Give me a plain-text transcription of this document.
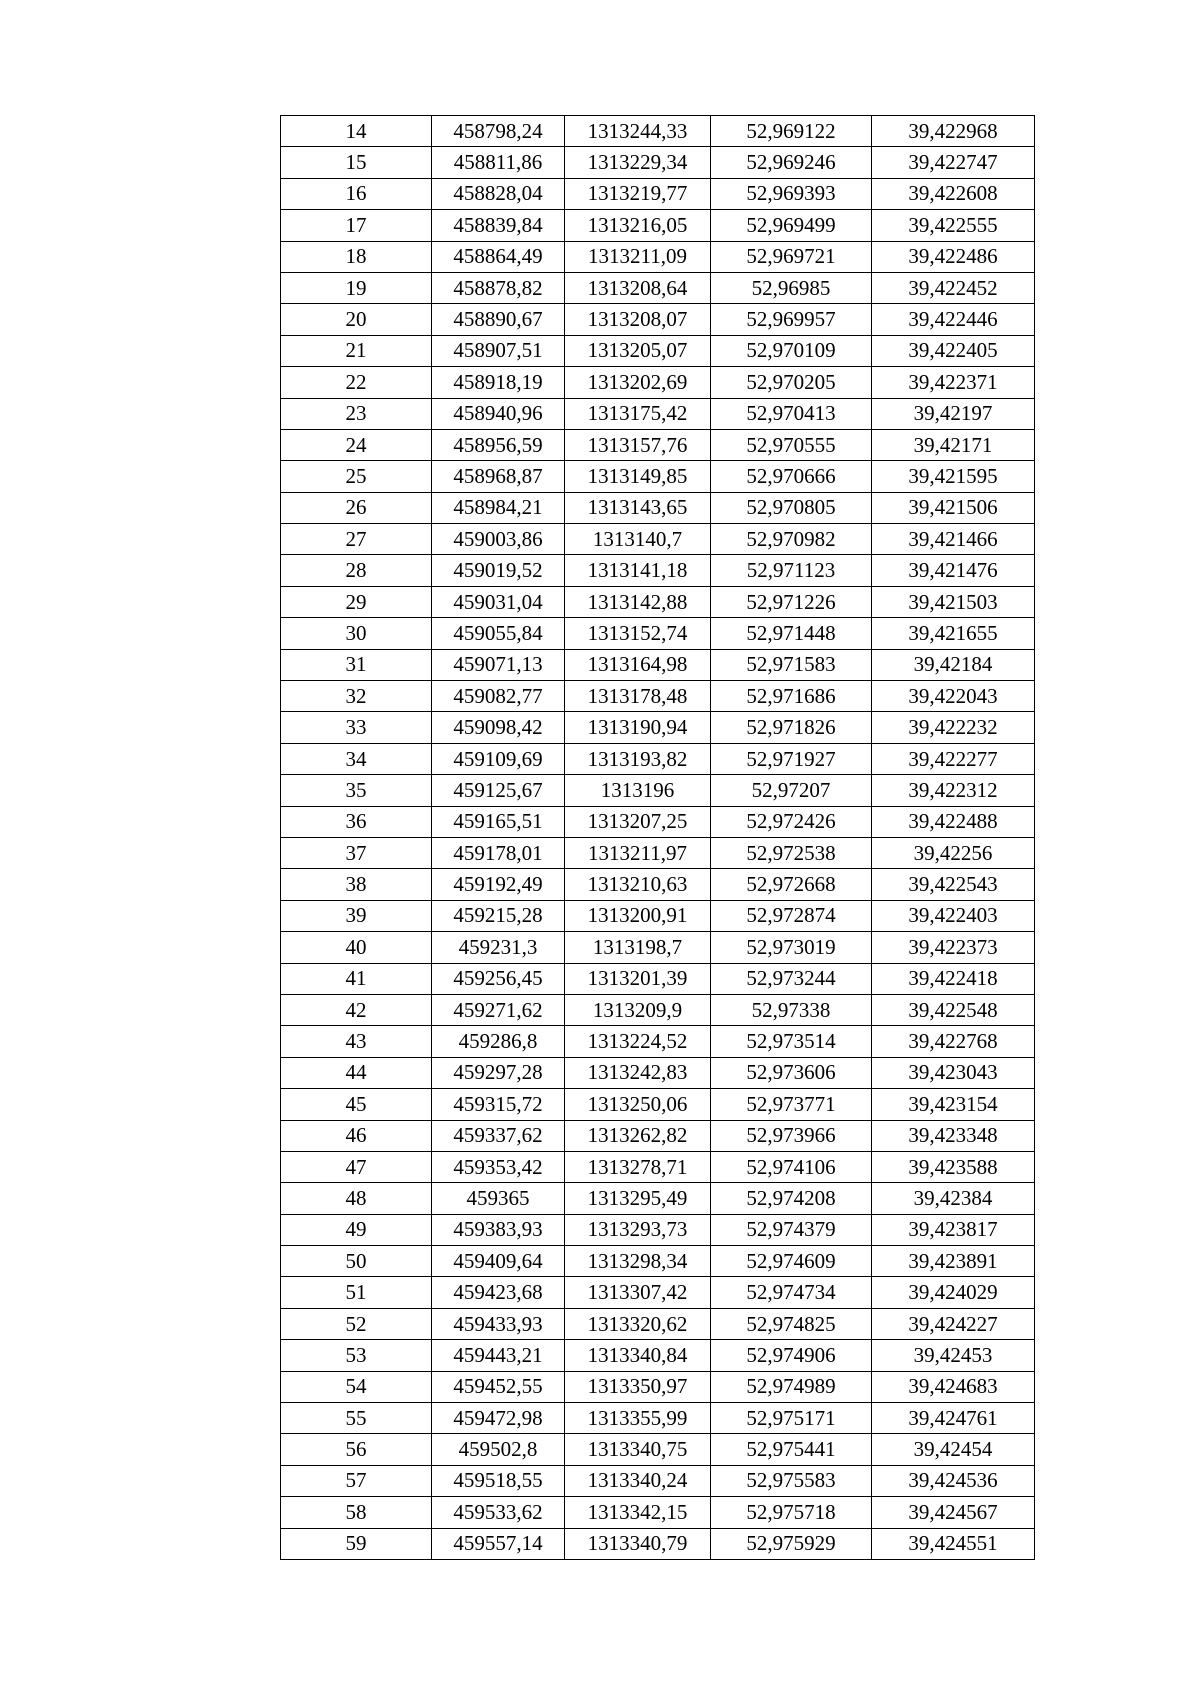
14	458798,24	1313244,33	52,969122	39,422968
15	458811,86	1313229,34	52,969246	39,422747
16	458828,04	1313219,77	52,969393	39,422608
17	458839,84	1313216,05	52,969499	39,422555
18	458864,49	1313211,09	52,969721	39,422486
19	458878,82	1313208,64	52,96985	39,422452
20	458890,67	1313208,07	52,969957	39,422446
21	458907,51	1313205,07	52,970109	39,422405
22	458918,19	1313202,69	52,970205	39,422371
23	458940,96	1313175,42	52,970413	39,42197
24	458956,59	1313157,76	52,970555	39,42171
25	458968,87	1313149,85	52,970666	39,421595
26	458984,21	1313143,65	52,970805	39,421506
27	459003,86	1313140,7	52,970982	39,421466
28	459019,52	1313141,18	52,971123	39,421476
29	459031,04	1313142,88	52,971226	39,421503
30	459055,84	1313152,74	52,971448	39,421655
31	459071,13	1313164,98	52,971583	39,42184
32	459082,77	1313178,48	52,971686	39,422043
33	459098,42	1313190,94	52,971826	39,422232
34	459109,69	1313193,82	52,971927	39,422277
35	459125,67	1313196	52,97207	39,422312
36	459165,51	1313207,25	52,972426	39,422488
37	459178,01	1313211,97	52,972538	39,42256
38	459192,49	1313210,63	52,972668	39,422543
39	459215,28	1313200,91	52,972874	39,422403
40	459231,3	1313198,7	52,973019	39,422373
41	459256,45	1313201,39	52,973244	39,422418
42	459271,62	1313209,9	52,97338	39,422548
43	459286,8	1313224,52	52,973514	39,422768
44	459297,28	1313242,83	52,973606	39,423043
45	459315,72	1313250,06	52,973771	39,423154
46	459337,62	1313262,82	52,973966	39,423348
47	459353,42	1313278,71	52,974106	39,423588
48	459365	1313295,49	52,974208	39,42384
49	459383,93	1313293,73	52,974379	39,423817
50	459409,64	1313298,34	52,974609	39,423891
51	459423,68	1313307,42	52,974734	39,424029
52	459433,93	1313320,62	52,974825	39,424227
53	459443,21	1313340,84	52,974906	39,42453
54	459452,55	1313350,97	52,974989	39,424683
55	459472,98	1313355,99	52,975171	39,424761
56	459502,8	1313340,75	52,975441	39,42454
57	459518,55	1313340,24	52,975583	39,424536
58	459533,62	1313342,15	52,975718	39,424567
59	459557,14	1313340,79	52,975929	39,424551
